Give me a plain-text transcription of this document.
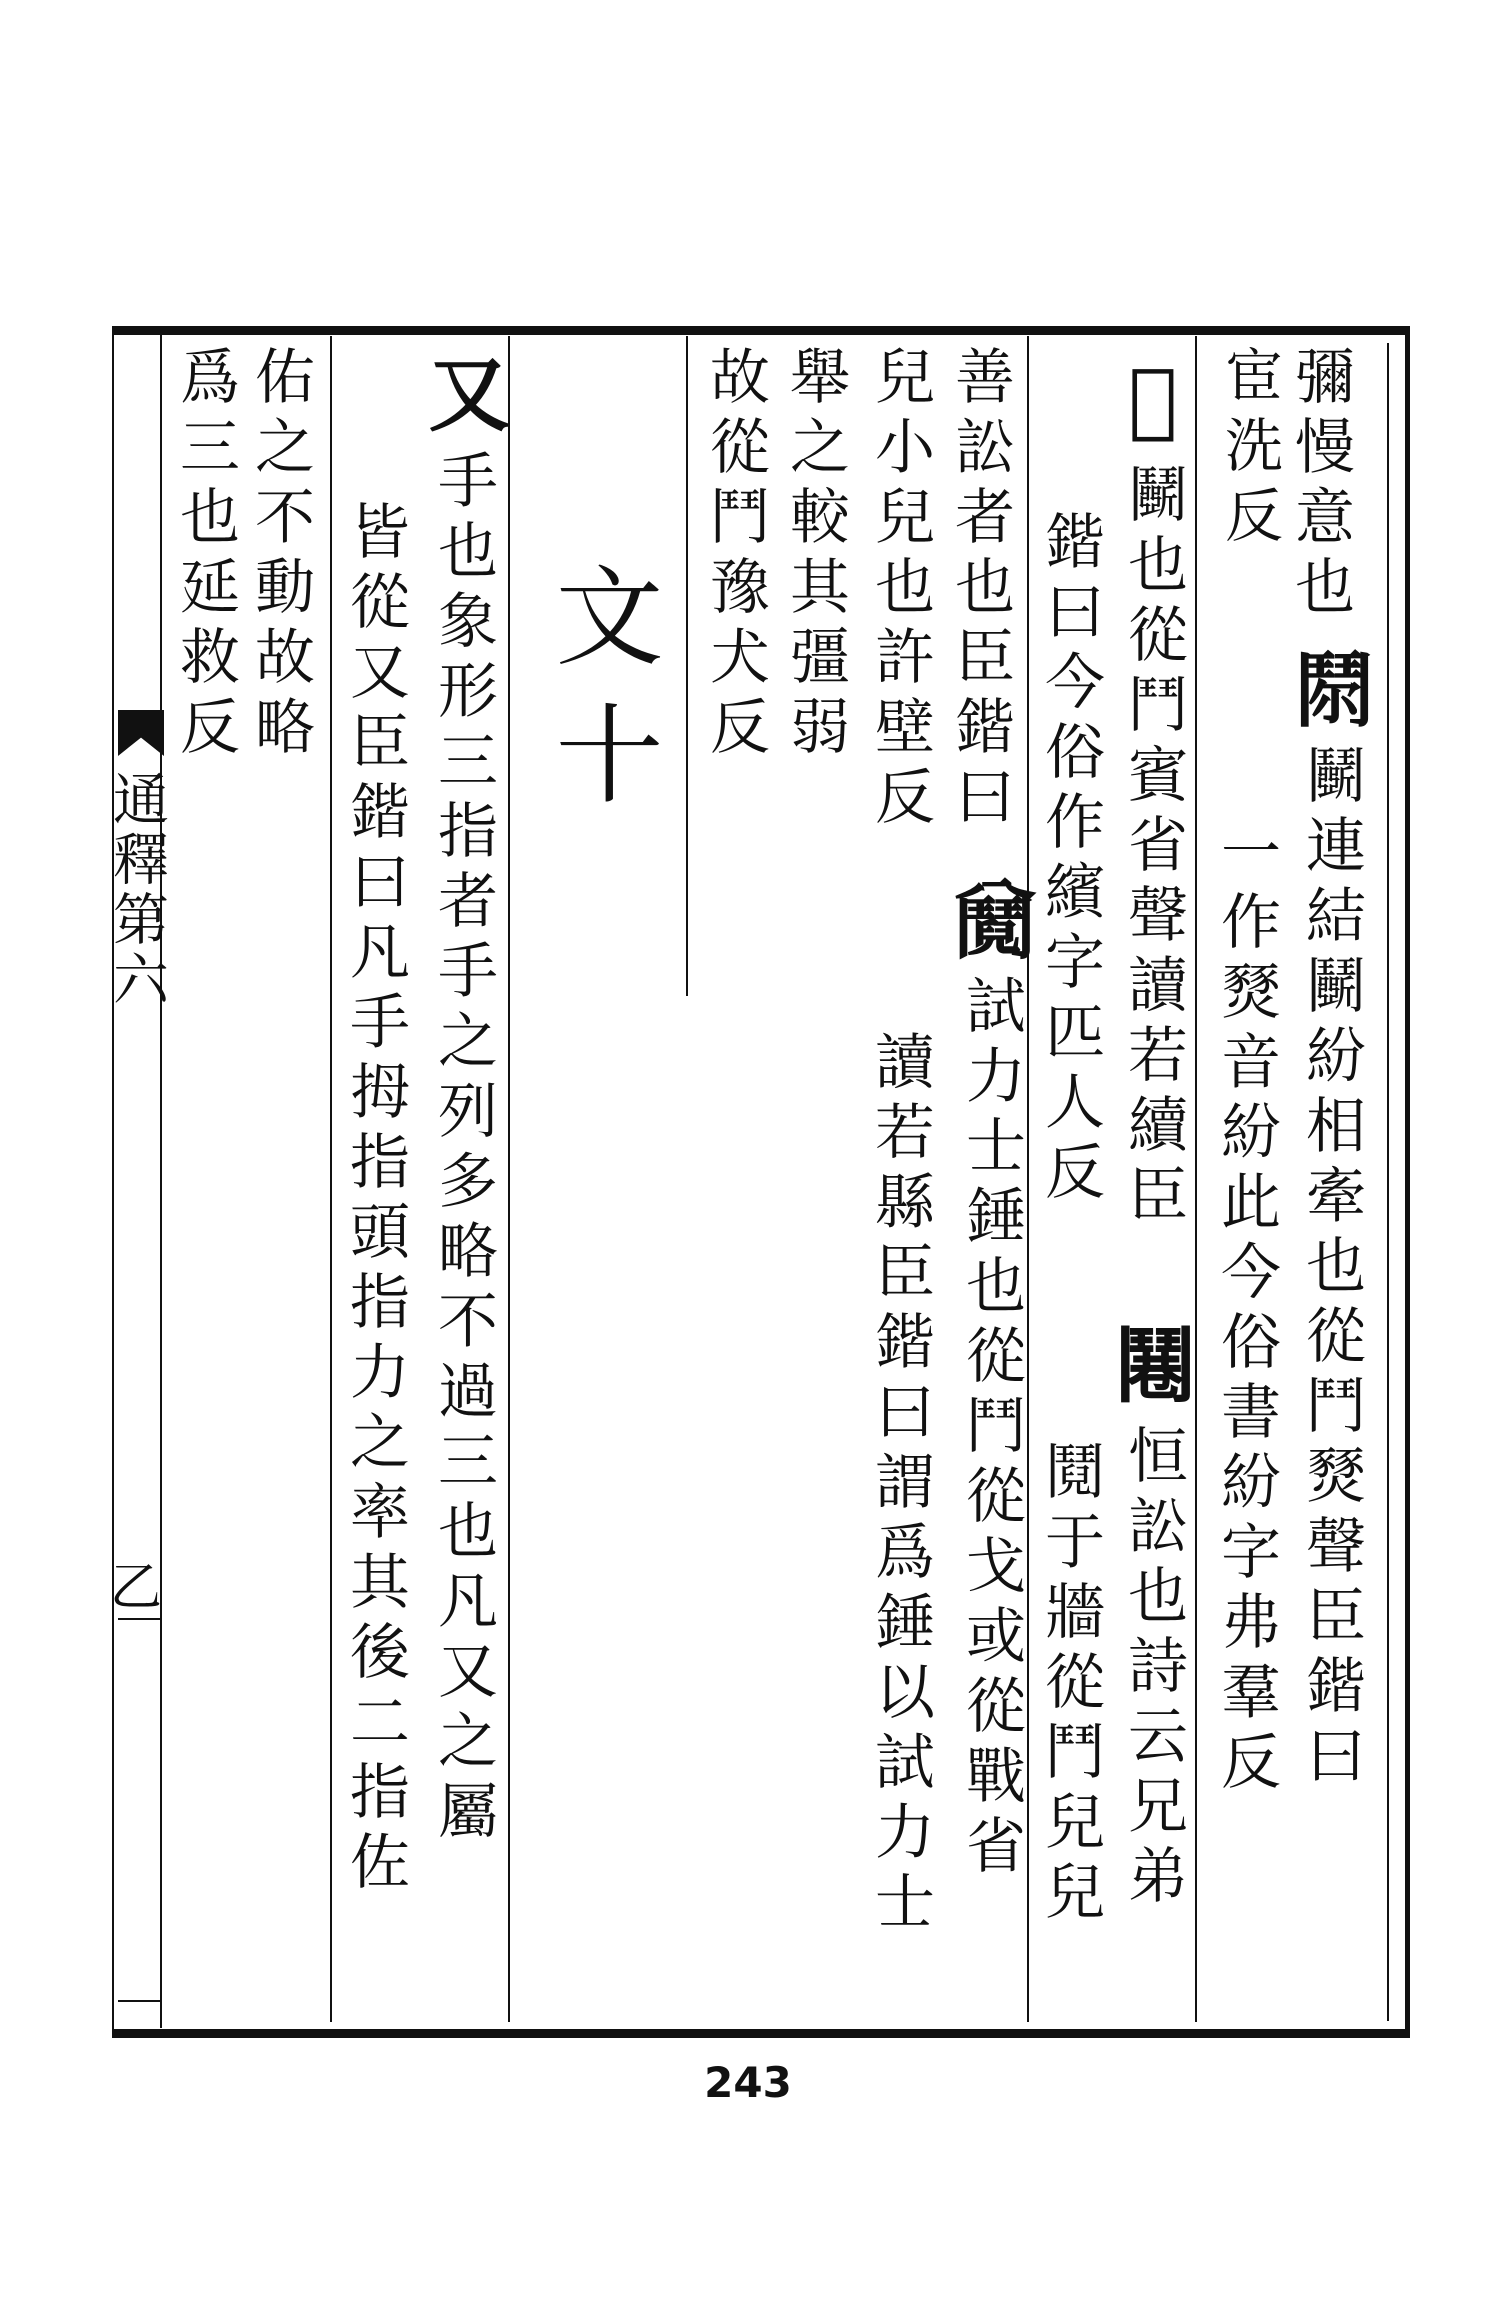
通釋第六
乙
彌慢意也
宦洗反
𩰐鬭連結鬭紛相牽也從鬥燹聲臣鍇曰
一作燹音紛此今俗書紛字弗羣反
𩰚鬭也從鬥賓省聲讀若續臣
𩰓恒訟也詩云兄弟
鍇曰今俗作繽字匹人反
鬩于牆從鬥兒兒
善訟者也臣鍇曰
𩰕試力士錘也從鬥從戈或從戰省
兒小兒也許壁反
讀若縣臣鍇曰謂爲錘以試力士
舉之較其彊弱
故從鬥豫犬反
文十
又手也象形三指者手之列多略不過三也凡又之屬
皆從又臣鍇曰凡手拇指頭指力之率其後二指佐
佑之不動故略
爲三也延救反
243
